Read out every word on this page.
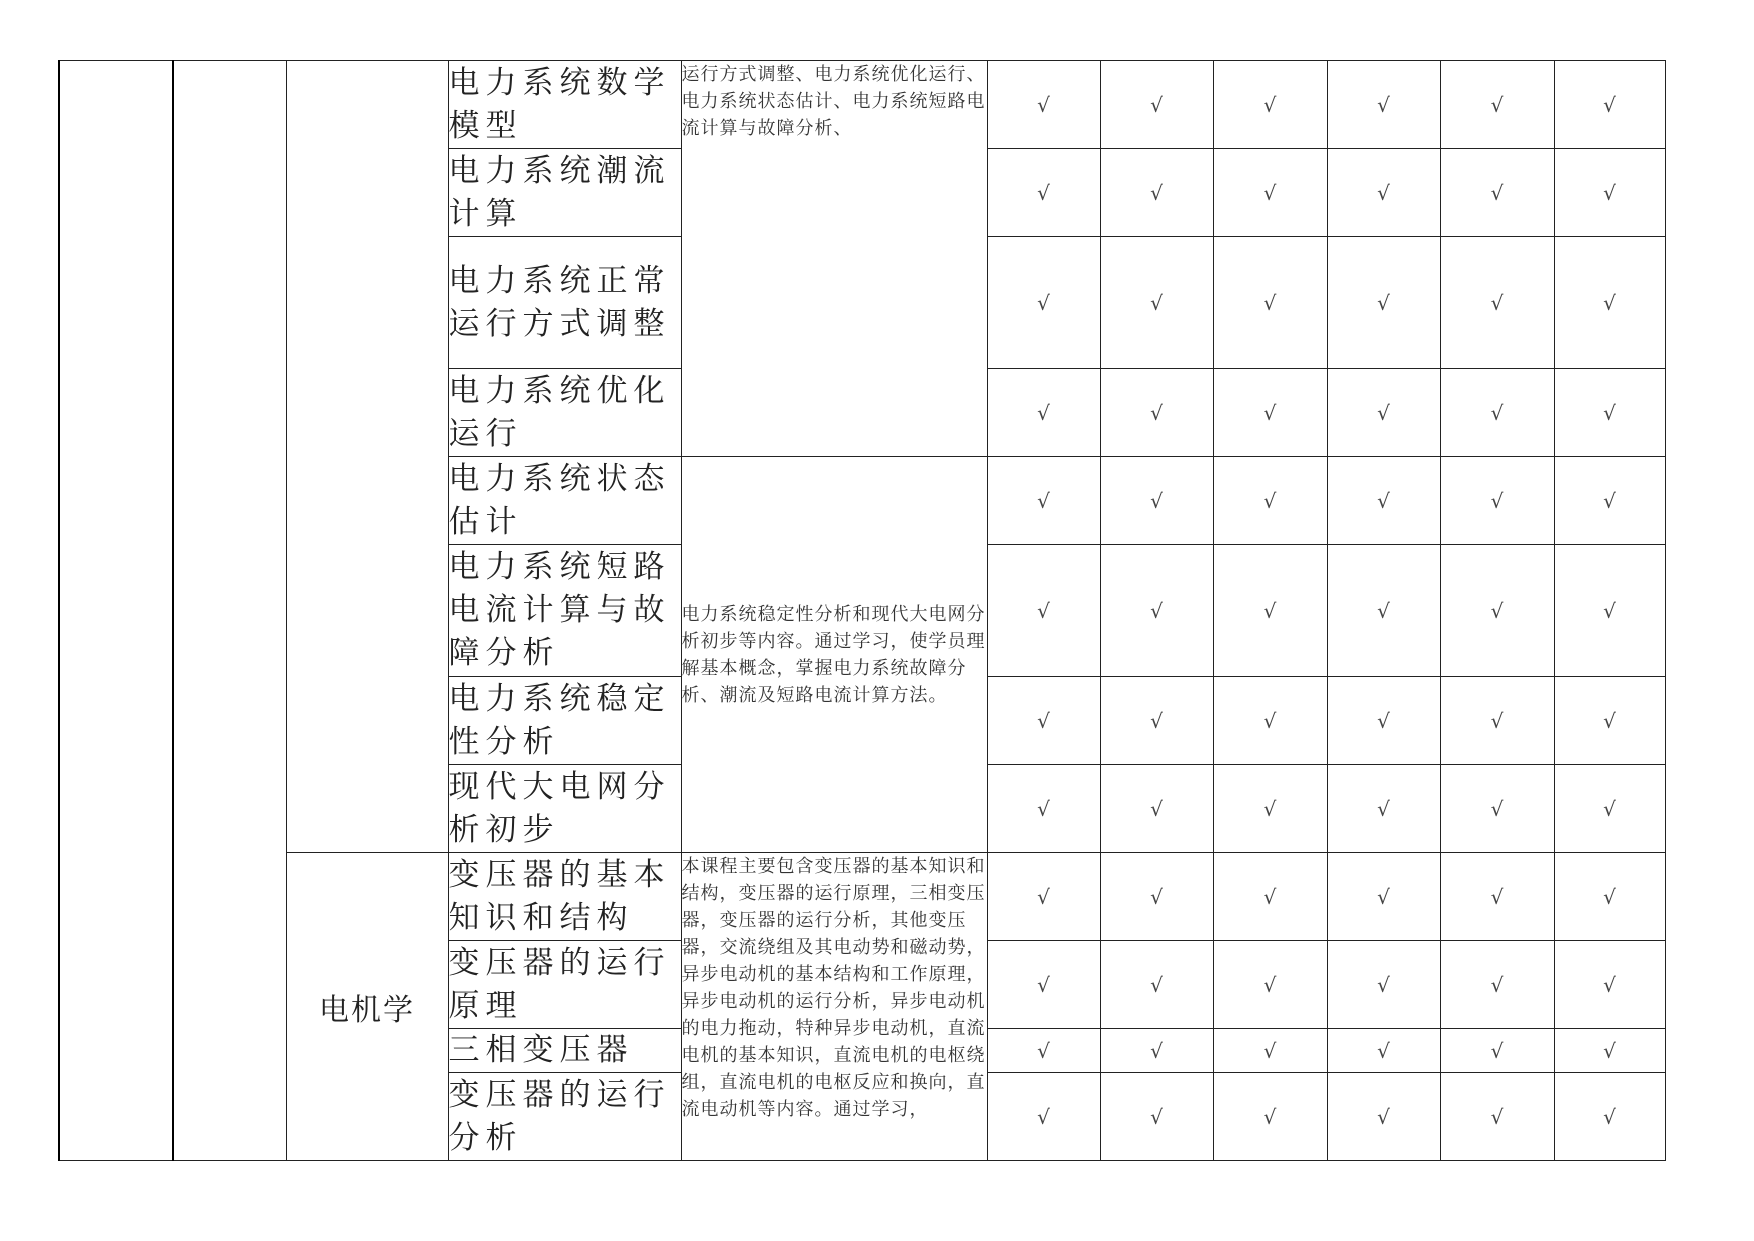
			电力系统数学模型	运行方式调整、电力系统优化运行、电力系统状态估计、电力系统短路电流计算与故障分析、	√	√	√	√	√	√
			电力系统潮流计算		√	√	√	√	√	√
			电力系统正常运行方式调整		√	√	√	√	√	√
			电力系统优化运行		√	√	√	√	√	√
			电力系统状态估计	电力系统稳定性分析和现代大电网分析初步等内容。通过学习，使学员理解基本概念，掌握电力系统故障分析、潮流及短路电流计算方法。	√	√	√	√	√	√
			电力系统短路电流计算与故障分析		√	√	√	√	√	√
			电力系统稳定性分析		√	√	√	√	√	√
			现代大电网分析初步		√	√	√	√	√	√
		电机学	变压器的基本知识和结构	本课程主要包含变压器的基本知识和结构，变压器的运行原理，三相变压器，变压器的运行分析，其他变压器，交流绕组及其电动势和磁动势，异步电动机的基本结构和工作原理，异步电动机的运行分析，异步电动机的电力拖动，特种异步电动机，直流电机的基本知识，直流电机的电枢绕组，直流电机的电枢反应和换向，直流电动机等内容。通过学习，	√	√	√	√	√	√
			变压器的运行原理		√	√	√	√	√	√
			三相变压器		√	√	√	√	√	√
			变压器的运行分析		√	√	√	√	√	√
